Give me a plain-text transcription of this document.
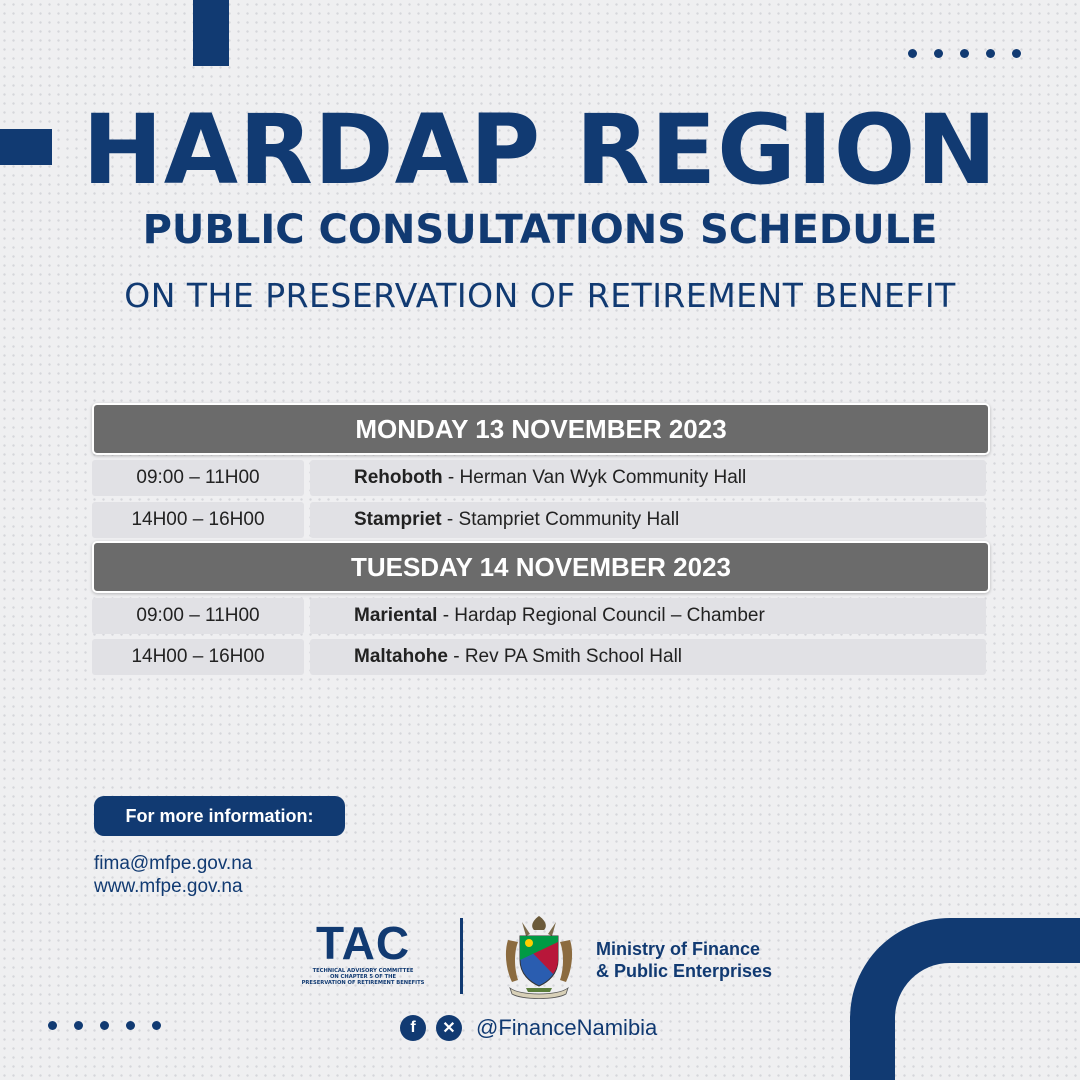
HARDAP REGION
PUBLIC CONSULTATIONS SCHEDULE
ON THE PRESERVATION OF RETIREMENT BENEFIT
MONDAY 13 NOVEMBER 2023
09:00 – 11H00	Rehoboth - Herman Van Wyk Community Hall
14H00 – 16H00	Stampriet - Stampriet Community Hall
TUESDAY 14 NOVEMBER 2023
09:00 – 11H00	Mariental - Hardap Regional Council – Chamber
14H00 – 16H00	Maltahohe - Rev PA Smith School Hall
For more information:
fima@mfpe.gov.na
www.mfpe.gov.na
TAC
TECHNICAL ADVISORY COMMITTEE
ON CHAPTER 5 OF THE
PRESERVATION OF RETIREMENT BENEFITS
Ministry of Finance
& Public Enterprises
f	✕ @FinanceNamibia
